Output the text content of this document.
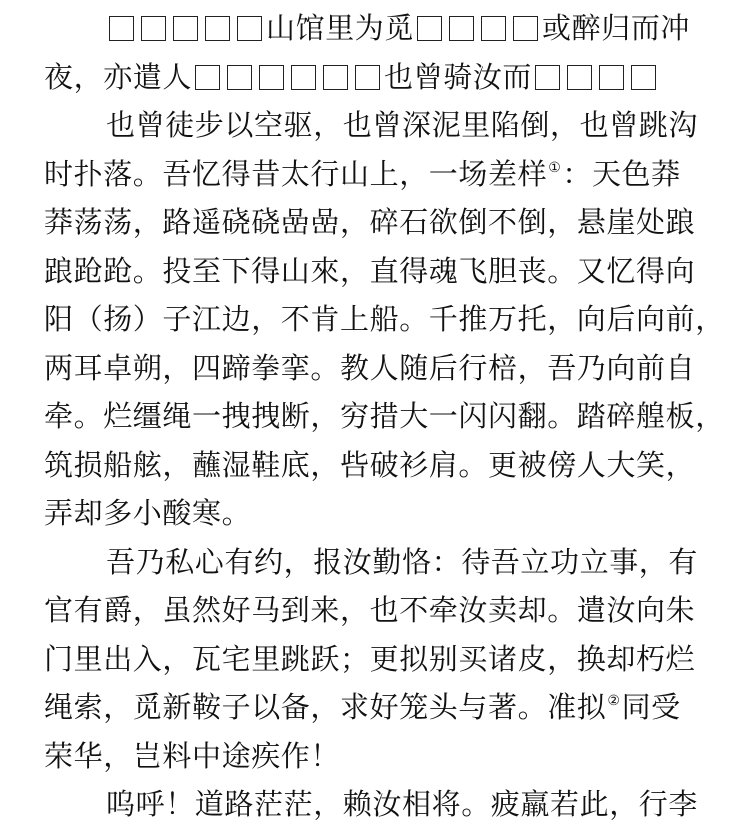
山馆里为觅	或醉归而冲
夜，亦遣人	也曾骑汝而
也曾徒步以空驱，也曾深泥里陷倒，也曾跳沟
时扑落。吾忆得昔太行山上，一场差样①：天色莽
莽荡荡，路遥硗硗嵒嵒，碎石欲倒不倒，悬崖处踉
踉跄跄。投至下得山來，直得魂飞胆丧。又忆得向
阳（扬）子江边，不肯上船。千推万托，向后向前，
两耳卓朔，四蹄拳挛。教人随后行棓，吾乃向前自
牵。烂缰绳一拽拽断，穷措大一闪闪翻。踏碎艎板，
筑损船舷，蘸湿鞋底，呰破衫肩。更被傍人大笑，
弄却多小酸寒。
吾乃私心有约，报汝勤恪：待吾立功立事，有
官有爵，虽然好马到来，也不牵汝卖却。遣汝向朱
门里出入，瓦宅里跳跃；更拟别买诸皮，换却朽烂
绳索，觅新鞍子以备，求好笼头与著。准拟②同受
荣华，岂料中途疾作！
呜呼！道路茫茫，赖汝相将。疲羸若此，行李
